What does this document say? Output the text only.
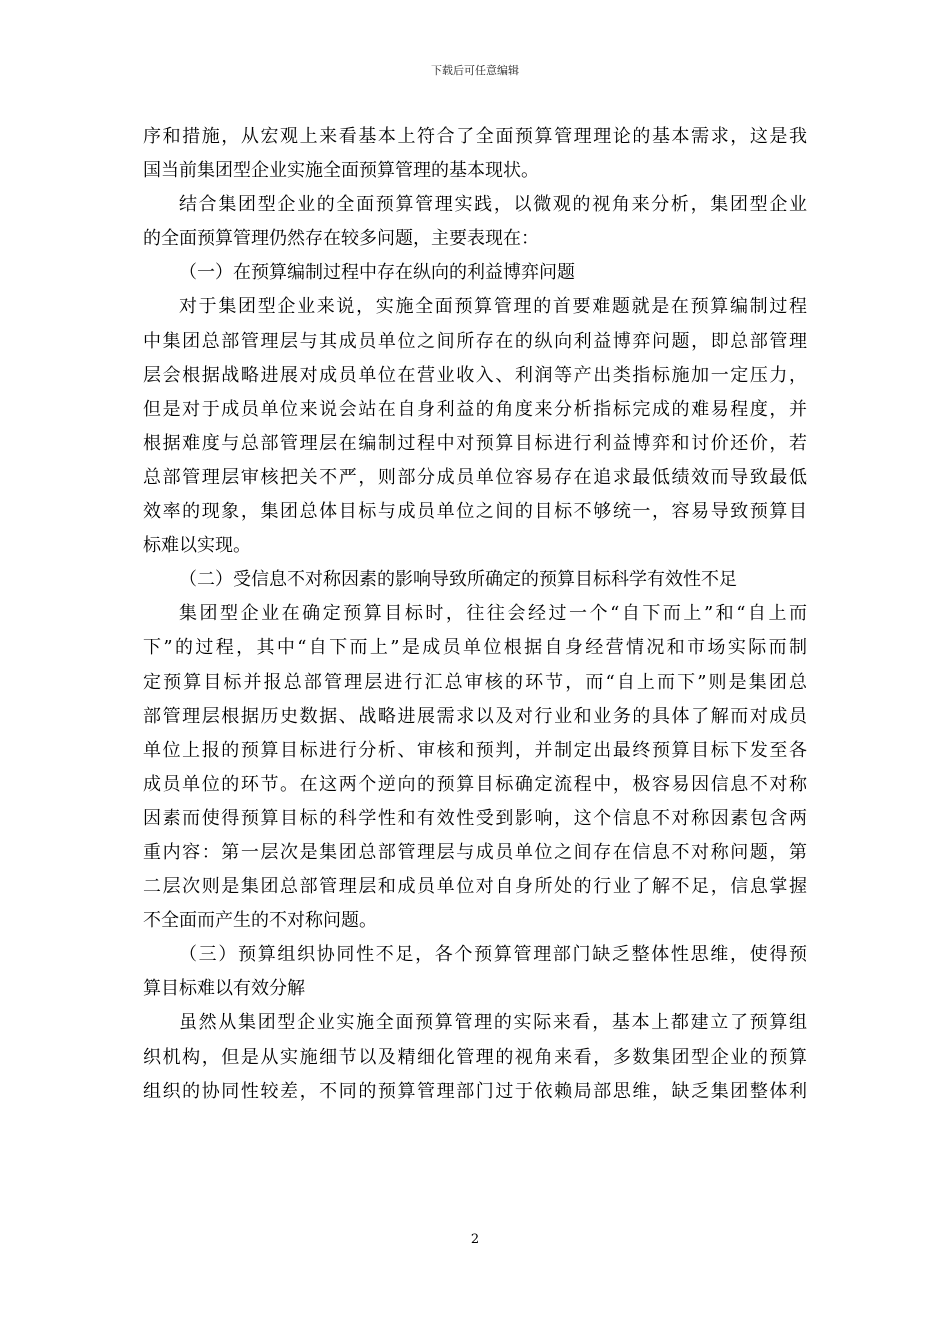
下载后可任意编辑
序和措施，从宏观上来看基本上符合了全面预算管理理论的基本需求，这是我
国当前集团型企业实施全面预算管理的基本现状。
结合集团型企业的全面预算管理实践，以微观的视角来分析，集团型企业
的全面预算管理仍然存在较多问题，主要表现在：
（一）在预算编制过程中存在纵向的利益博弈问题
对于集团型企业来说，实施全面预算管理的首要难题就是在预算编制过程
中集团总部管理层与其成员单位之间所存在的纵向利益博弈问题，即总部管理
层会根据战略进展对成员单位在营业收入、利润等产出类指标施加一定压力，
但是对于成员单位来说会站在自身利益的角度来分析指标完成的难易程度，并
根据难度与总部管理层在编制过程中对预算目标进行利益博弈和讨价还价，若
总部管理层审核把关不严，则部分成员单位容易存在追求最低绩效而导致最低
效率的现象，集团总体目标与成员单位之间的目标不够统一，容易导致预算目
标难以实现。
（二）受信息不对称因素的影响导致所确定的预算目标科学有效性不足
集团型企业在确定预算目标时，往往会经过一个“自下而上”和“自上而
下”的过程，其中“自下而上”是成员单位根据自身经营情况和市场实际而制
定预算目标并报总部管理层进行汇总审核的环节，而“自上而下”则是集团总
部管理层根据历史数据、战略进展需求以及对行业和业务的具体了解而对成员
单位上报的预算目标进行分析、审核和预判，并制定出最终预算目标下发至各
成员单位的环节。在这两个逆向的预算目标确定流程中，极容易因信息不对称
因素而使得预算目标的科学性和有效性受到影响，这个信息不对称因素包含两
重内容：第一层次是集团总部管理层与成员单位之间存在信息不对称问题，第
二层次则是集团总部管理层和成员单位对自身所处的行业了解不足，信息掌握
不全面而产生的不对称问题。
（三）预算组织协同性不足，各个预算管理部门缺乏整体性思维，使得预
算目标难以有效分解
虽然从集团型企业实施全面预算管理的实际来看，基本上都建立了预算组
织机构，但是从实施细节以及精细化管理的视角来看，多数集团型企业的预算
组织的协同性较差，不同的预算管理部门过于依赖局部思维，缺乏集团整体利
2
